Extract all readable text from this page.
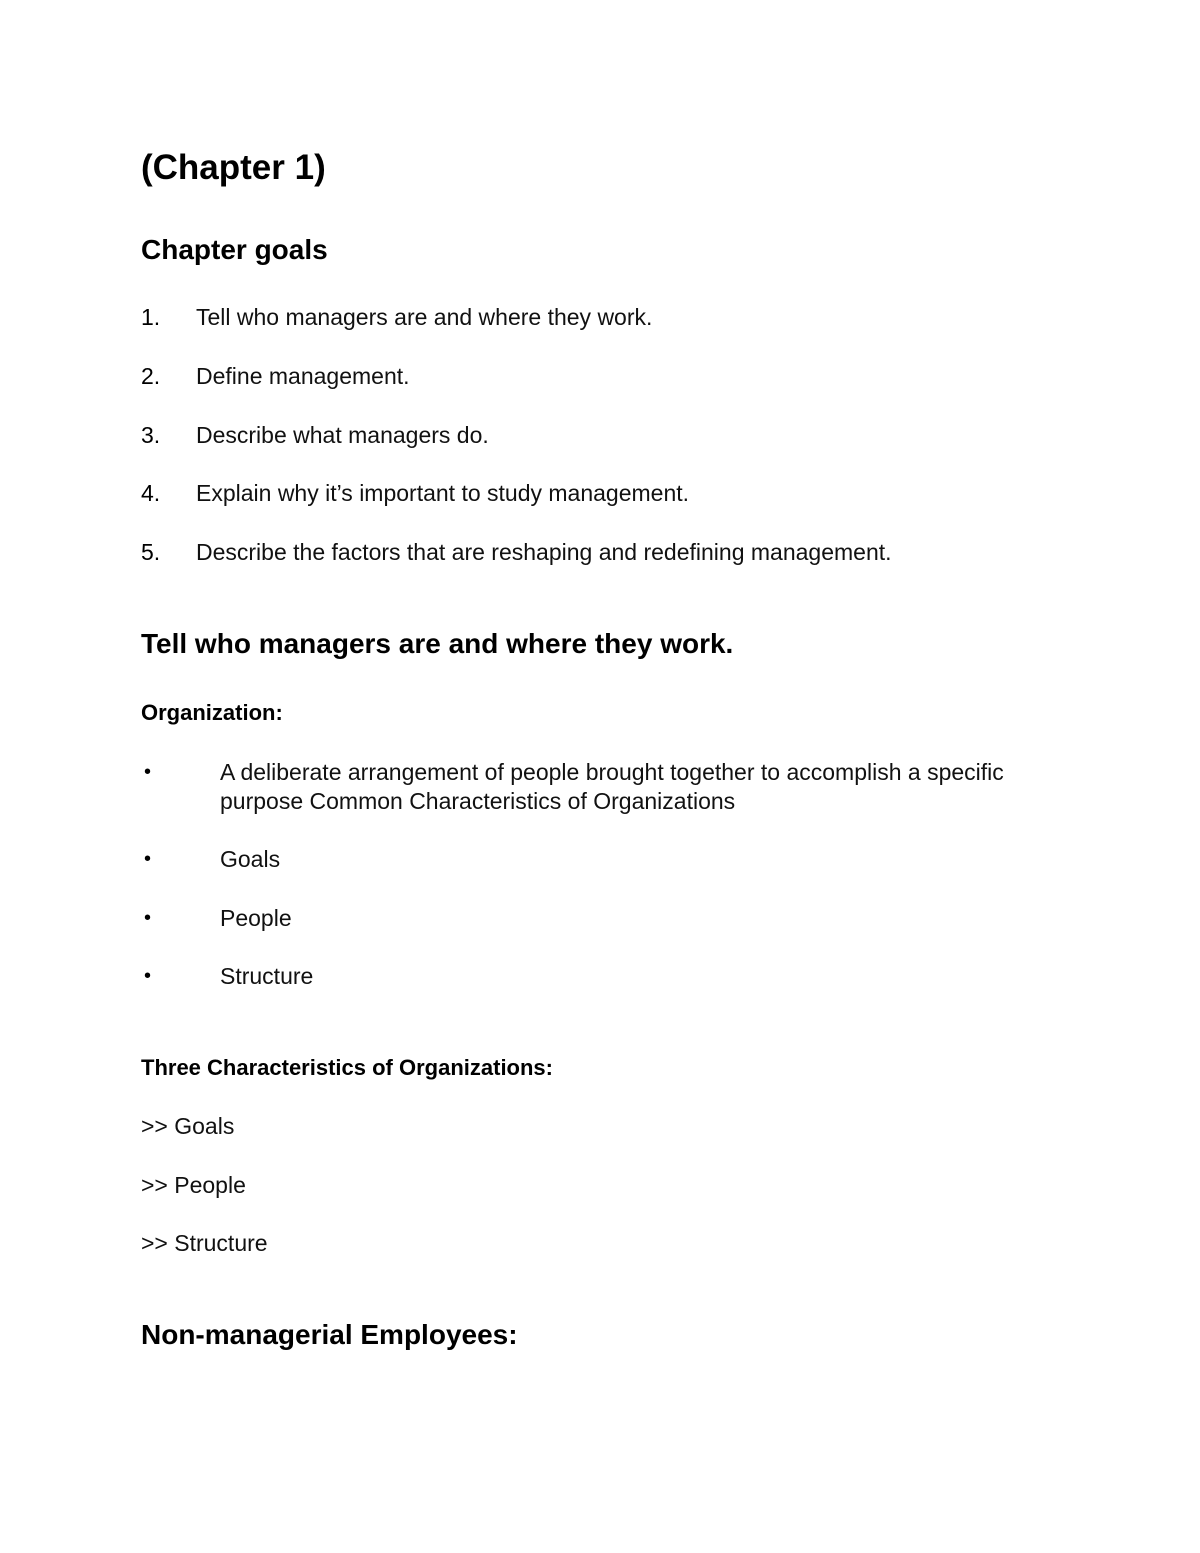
(Chapter 1)
Chapter goals
1. Tell who managers are and where they work.
2. Define management.
3. Describe what managers do.
4. Explain why it’s important to study management.
5. Describe the factors that are reshaping and redefining management.
Tell who managers are and where they work.
Organization:
•	A deliberate arrangement of people brought together to accomplish a specific purpose Common Characteristics of Organizations
•	Goals
•	People
•	Structure
Three Characteristics of Organizations:
>> Goals
>> People
>> Structure
Non-managerial Employees:
